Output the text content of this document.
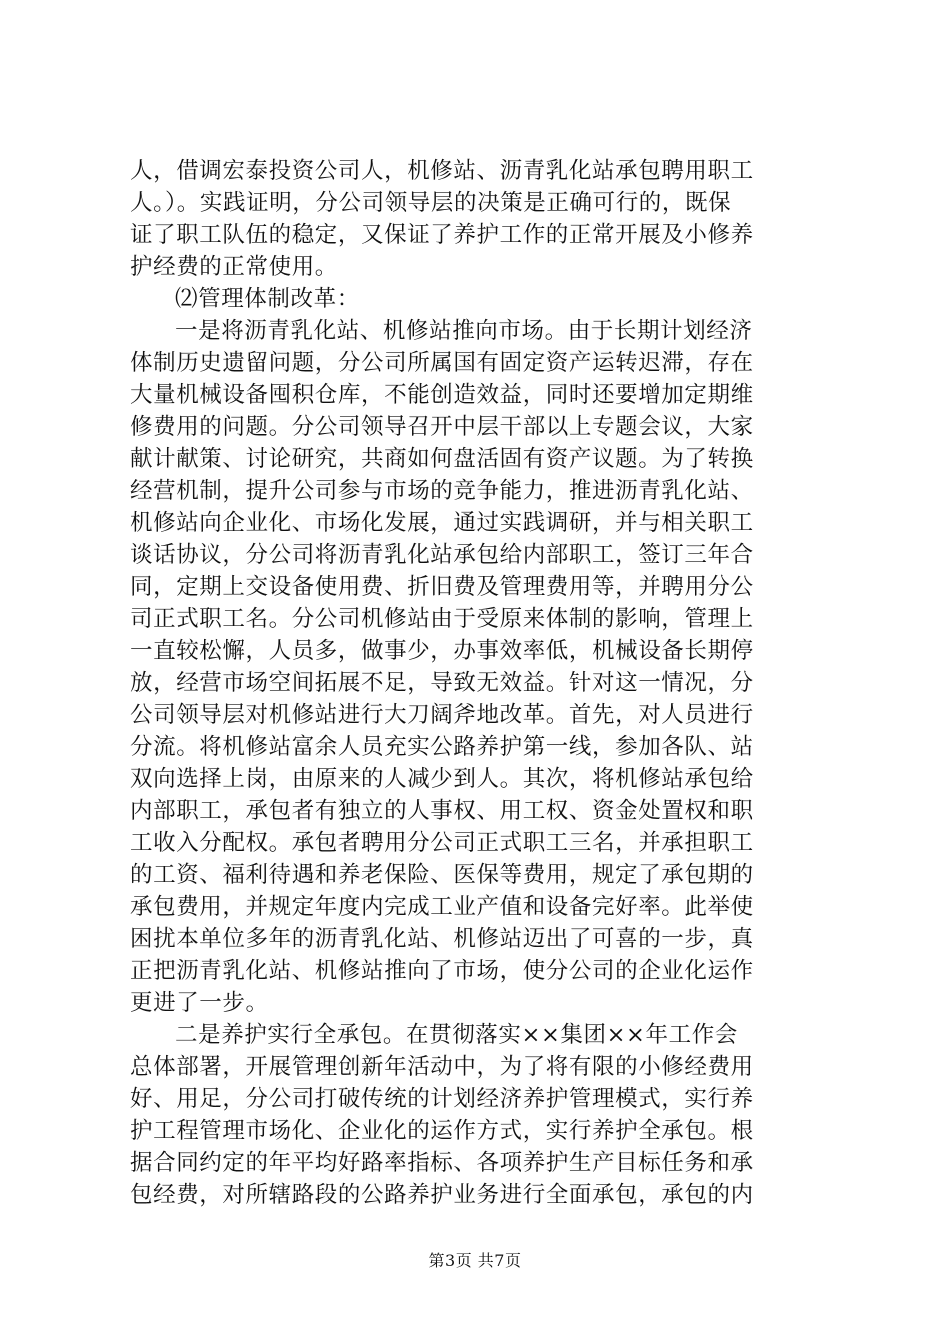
人，借调宏泰投资公司人，机修站、沥青乳化站承包聘用职工
人。）。实践证明，分公司领导层的决策是正确可行的，既保
证了职工队伍的稳定，又保证了养护工作的正常开展及小修养
护经费的正常使用。
⑵管理体制改革：
一是将沥青乳化站、机修站推向市场。由于长期计划经济
体制历史遗留问题，分公司所属国有固定资产运转迟滞，存在
大量机械设备囤积仓库，不能创造效益，同时还要增加定期维
修费用的问题。分公司领导召开中层干部以上专题会议，大家
献计献策、讨论研究，共商如何盘活固有资产议题。为了转换
经营机制，提升公司参与市场的竞争能力，推进沥青乳化站、
机修站向企业化、市场化发展，通过实践调研，并与相关职工
谈话协议，分公司将沥青乳化站承包给内部职工，签订三年合
同，定期上交设备使用费、折旧费及管理费用等，并聘用分公
司正式职工名。分公司机修站由于受原来体制的影响，管理上
一直较松懈，人员多，做事少，办事效率低，机械设备长期停
放，经营市场空间拓展不足，导致无效益。针对这一情况，分
公司领导层对机修站进行大刀阔斧地改革。首先，对人员进行
分流。将机修站富余人员充实公路养护第一线，参加各队、站
双向选择上岗，由原来的人减少到人。其次，将机修站承包给
内部职工，承包者有独立的人事权、用工权、资金处置权和职
工收入分配权。承包者聘用分公司正式职工三名，并承担职工
的工资、福利待遇和养老保险、医保等费用，规定了承包期的
承包费用，并规定年度内完成工业产值和设备完好率。此举使
困扰本单位多年的沥青乳化站、机修站迈出了可喜的一步，真
正把沥青乳化站、机修站推向了市场，使分公司的企业化运作
更进了一步。
二是养护实行全承包。在贯彻落实××集团××年工作会
总体部署，开展管理创新年活动中，为了将有限的小修经费用
好、用足，分公司打破传统的计划经济养护管理模式，实行养
护工程管理市场化、企业化的运作方式，实行养护全承包。根
据合同约定的年平均好路率指标、各项养护生产目标任务和承
包经费，对所辖路段的公路养护业务进行全面承包，承包的内
第3页 共7页
